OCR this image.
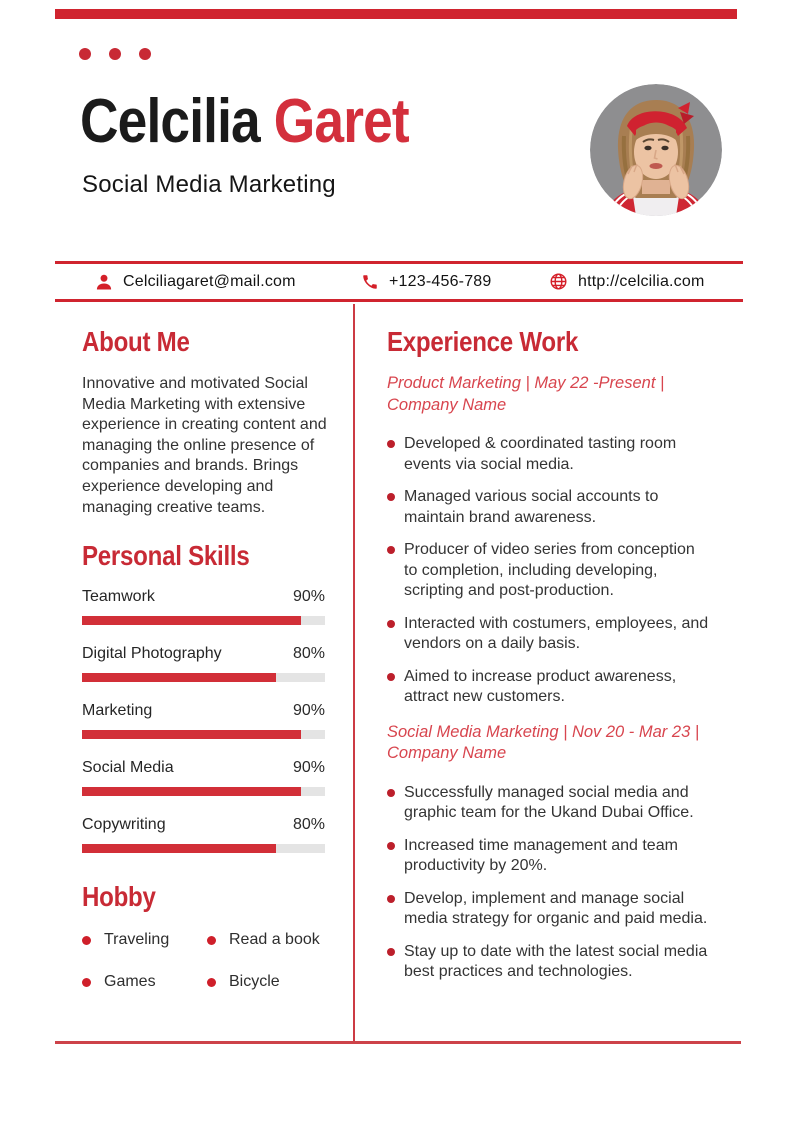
Celcilia Garet

Social Media Marketing

Celciliagaret@mail.com	+123-456-789	http://celcilia.com
About Me

Innovative and motivated Social Media Marketing with extensive experience in creating content and managing the online presence of companies and brands. Brings experience developing and managing creative teams.

Personal Skills
Teamwork	90%
Digital Photography	80%
Marketing	90%
Social Media	90%
Copywriting	80%
Hobby
Traveling	Read a book
Games	Bicycle
Experience Work
Product Marketing | May 22 -Present | Company Name
Developed & coordinated tasting room events via social media.
Managed various social accounts to maintain brand awareness.
Producer of video series from conception to completion, including developing, scripting and post-production.
Interacted with costumers, employees, and vendors on a daily basis.
Aimed to increase product awareness, attract new customers.
Social Media Marketing | Nov 20 - Mar 23 | Company Name
Successfully managed social media and graphic team for the Ukand Dubai Office.
Increased time management and team productivity by 20%.
Develop, implement and manage social media strategy for organic and paid media.
Stay up to date with the latest social media best practices and technologies.
